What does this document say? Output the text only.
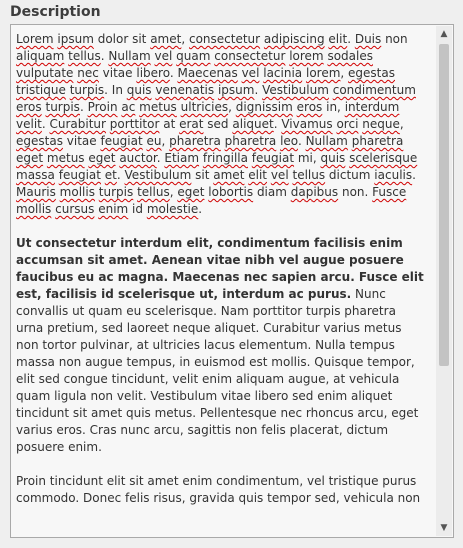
Description

Lorem ipsum dolor sit amet, consectetur adipiscing elit. Duis non aliquam tellus. Nullam vel quam consectetur lorem sodales vulputate nec vitae libero. Maecenas vel lacinia lorem, egestas tristique turpis. In quis venenatis ipsum. Vestibulum condimentum eros turpis. Proin ac metus ultricies, dignissim eros in, interdum velit. Curabitur porttitor at erat sed aliquet. Vivamus orci neque, egestas vitae feugiat eu, pharetra pharetra leo. Nullam pharetra eget metus eget auctor. Etiam fringilla feugiat mi, quis scelerisque massa feugiat et. Vestibulum sit amet elit vel tellus dictum iaculis. Mauris mollis turpis tellus, eget lobortis diam dapibus non. Fusce mollis cursus enim id molestie.

Ut consectetur interdum elit, condimentum facilisis enim accumsan sit amet. Aenean vitae nibh vel augue posuere faucibus eu ac magna. Maecenas nec sapien arcu. Fusce elit est, facilisis id scelerisque ut, interdum ac purus. Nunc convallis ut quam eu scelerisque. Nam porttitor turpis pharetra urna pretium, sed laoreet neque aliquet. Curabitur varius metus non tortor pulvinar, at ultricies lacus elementum. Nulla tempus massa non augue tempus, in euismod est mollis. Quisque tempor, elit sed congue tincidunt, velit enim aliquam augue, at vehicula quam ligula non velit. Vestibulum vitae libero sed enim aliquet tincidunt sit amet quis metus. Pellentesque nec rhoncus arcu, eget varius eros. Cras nunc arcu, sagittis non felis placerat, dictum posuere enim.

Proin tincidunt elit sit amet enim condimentum, vel tristique purus commodo. Donec felis risus, gravida quis tempor sed, vehicula non

▲
▼
